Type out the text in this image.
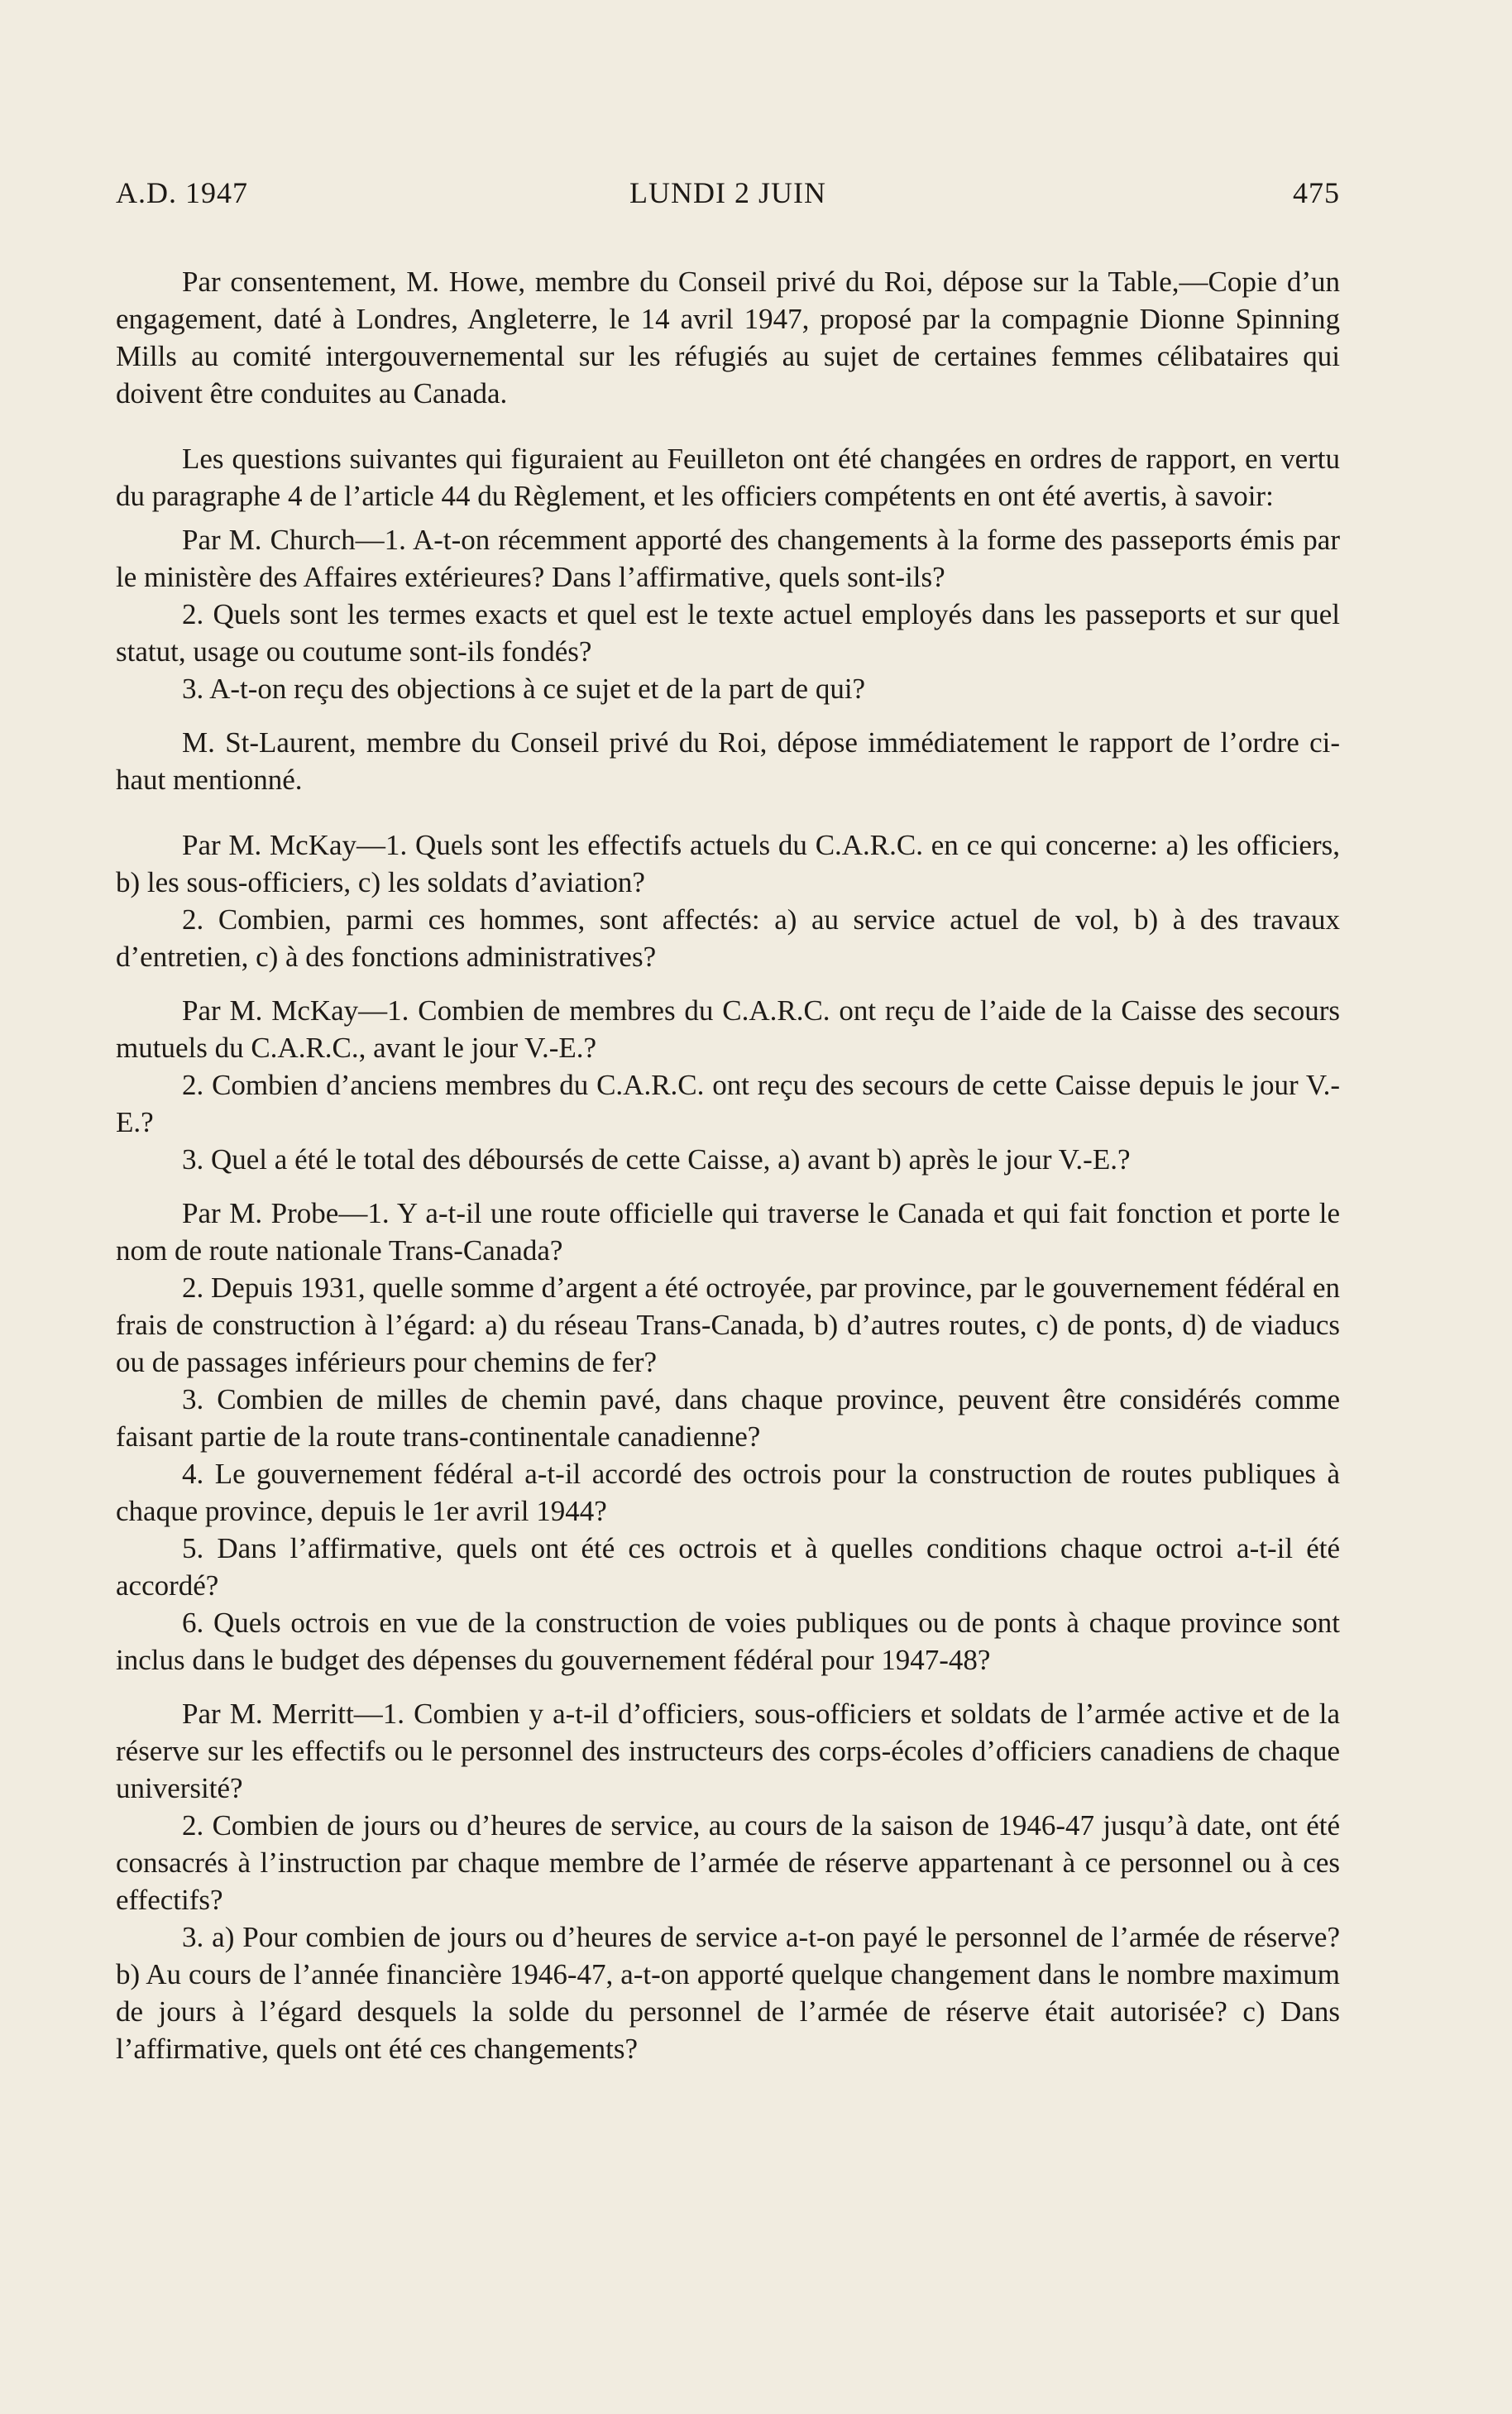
A.D. 1947	LUNDI 2 JUIN	475

Par consentement, M. Howe, membre du Conseil privé du Roi, dépose sur la Table,—Copie d’un engagement, daté à Londres, Angleterre, le 14 avril 1947, proposé par la compagnie Dionne Spinning Mills au comité intergouvernemental sur les réfugiés au sujet de certaines femmes célibataires qui doivent être conduites au Canada.

Les questions suivantes qui figuraient au Feuilleton ont été changées en ordres de rapport, en vertu du paragraphe 4 de l’article 44 du Règlement, et les officiers compétents en ont été avertis, à savoir:

Par M. Church—1. A-t-on récemment apporté des changements à la forme des passeports émis par le ministère des Affaires extérieures? Dans l’affirmative, quels sont-ils?

2. Quels sont les termes exacts et quel est le texte actuel employés dans les passeports et sur quel statut, usage ou coutume sont-ils fondés?

3. A-t-on reçu des objections à ce sujet et de la part de qui?

M. St-Laurent, membre du Conseil privé du Roi, dépose immédiatement le rapport de l’ordre ci-haut mentionné.

Par M. McKay—1. Quels sont les effectifs actuels du C.A.R.C. en ce qui concerne: a) les officiers, b) les sous-officiers, c) les soldats d’aviation?

2. Combien, parmi ces hommes, sont affectés: a) au service actuel de vol, b) à des travaux d’entretien, c) à des fonctions administratives?

Par M. McKay—1. Combien de membres du C.A.R.C. ont reçu de l’aide de la Caisse des secours mutuels du C.A.R.C., avant le jour V.-E.?

2. Combien d’anciens membres du C.A.R.C. ont reçu des secours de cette Caisse depuis le jour V.-E.?

3. Quel a été le total des déboursés de cette Caisse, a) avant b) après le jour V.-E.?

Par M. Probe—1. Y a-t-il une route officielle qui traverse le Canada et qui fait fonction et porte le nom de route nationale Trans-Canada?

2. Depuis 1931, quelle somme d’argent a été octroyée, par province, par le gouvernement fédéral en frais de construction à l’égard: a) du réseau Trans-Canada, b) d’autres routes, c) de ponts, d) de viaducs ou de passages inférieurs pour chemins de fer?

3. Combien de milles de chemin pavé, dans chaque province, peuvent être considérés comme faisant partie de la route trans-continentale canadienne?

4. Le gouvernement fédéral a-t-il accordé des octrois pour la construction de routes publiques à chaque province, depuis le 1er avril 1944?

5. Dans l’affirmative, quels ont été ces octrois et à quelles conditions chaque octroi a-t-il été accordé?

6. Quels octrois en vue de la construction de voies publiques ou de ponts à chaque province sont inclus dans le budget des dépenses du gouvernement fédéral pour 1947-48?

Par M. Merritt—1. Combien y a-t-il d’officiers, sous-officiers et soldats de l’armée active et de la réserve sur les effectifs ou le personnel des instructeurs des corps-écoles d’officiers canadiens de chaque université?

2. Combien de jours ou d’heures de service, au cours de la saison de 1946-47 jusqu’à date, ont été consacrés à l’instruction par chaque membre de l’armée de réserve appartenant à ce personnel ou à ces effectifs?

3. a) Pour combien de jours ou d’heures de service a-t-on payé le personnel de l’armée de réserve? b) Au cours de l’année financière 1946-47, a-t-on apporté quelque changement dans le nombre maximum de jours à l’égard desquels la solde du personnel de l’armée de réserve était autorisée? c) Dans l’affirmative, quels ont été ces changements?
